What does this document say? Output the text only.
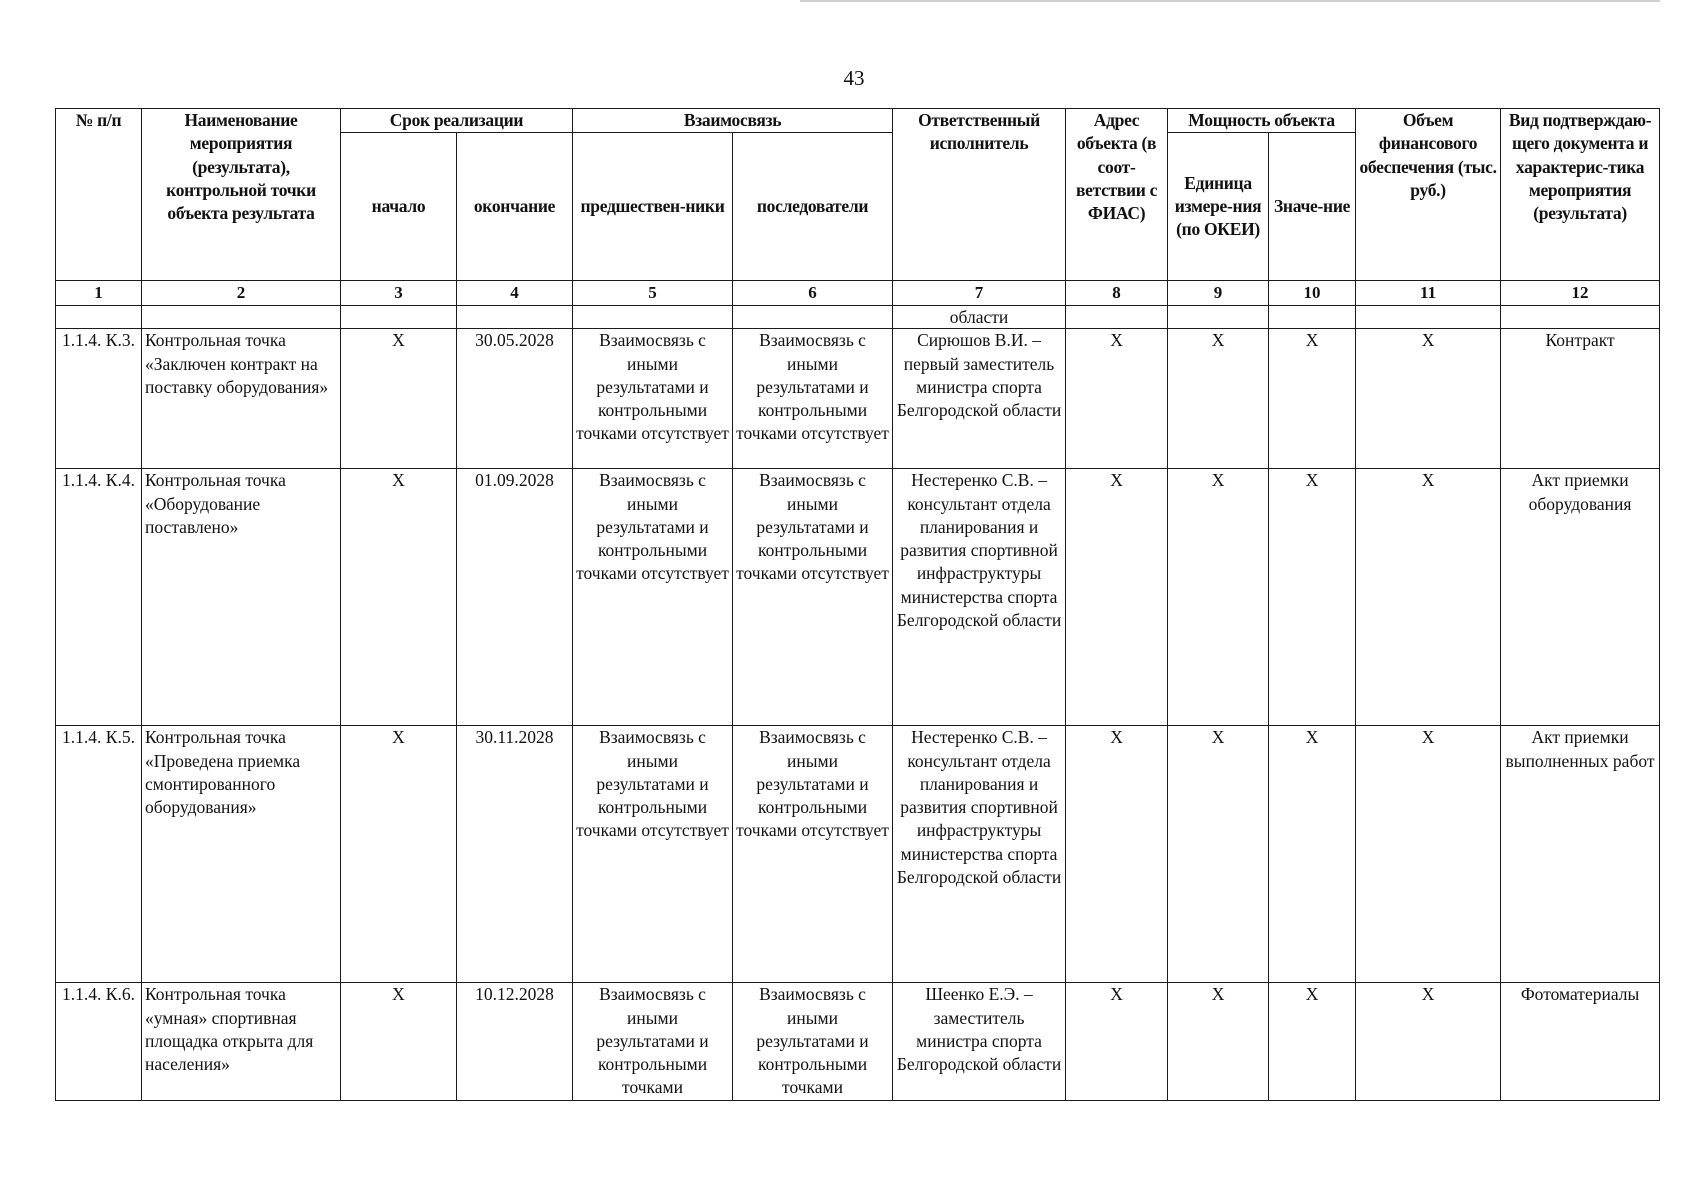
43
№ п/п	Наименование мероприятия (результата), контрольной точки объекта результата	Срок реализации		Взаимосвязь		Ответственный исполнитель	Адрес объекта (в соот-ветствии с ФИАС)	Мощность объекта		Объем финансового обеспечения (тыс. руб.)	Вид подтверждаю-щего документа и характерис-тика мероприятия (результата)
		начало	окончание	предшествен-ники	последователи			Единица измере-ния (по ОКЕИ)	Значе-ние		
1	2	3	4	5	6	7	8	9	10	11	12
						области					
1.1.4. К.3.	Контрольная точка «Заключен контракт на поставку оборудования»	X	30.05.2028	Взаимосвязь с иными результатами и контрольными точками отсутствует	Взаимосвязь с иными результатами и контрольными точками отсутствует	Сирюшов В.И. – первый заместитель министра спорта Белгородской области	X	X	X	X	Контракт
1.1.4. К.4.	Контрольная точка «Оборудование поставлено»	X	01.09.2028	Взаимосвязь с иными результатами и контрольными точками отсутствует	Взаимосвязь с иными результатами и контрольными точками отсутствует	Нестеренко С.В. – консультант отдела планирования и развития спортивной инфраструктуры министерства спорта Белгородской области	X	X	X	X	Акт приемки оборудования
1.1.4. К.5.	Контрольная точка «Проведена приемка смонтированного оборудования»	X	30.11.2028	Взаимосвязь с иными результатами и контрольными точками отсутствует	Взаимосвязь с иными результатами и контрольными точками отсутствует	Нестеренко С.В. – консультант отдела планирования и развития спортивной инфраструктуры министерства спорта Белгородской области	X	X	X	X	Акт приемки выполненных работ
1.1.4. К.6.	Контрольная точка «умная» спортивная площадка открыта для населения»	X	10.12.2028	Взаимосвязь с иными результатами и контрольными точками	Взаимосвязь с иными результатами и контрольными точками	Шеенко Е.Э. – заместитель министра спорта Белгородской области	X	X	X	X	Фотоматериалы
